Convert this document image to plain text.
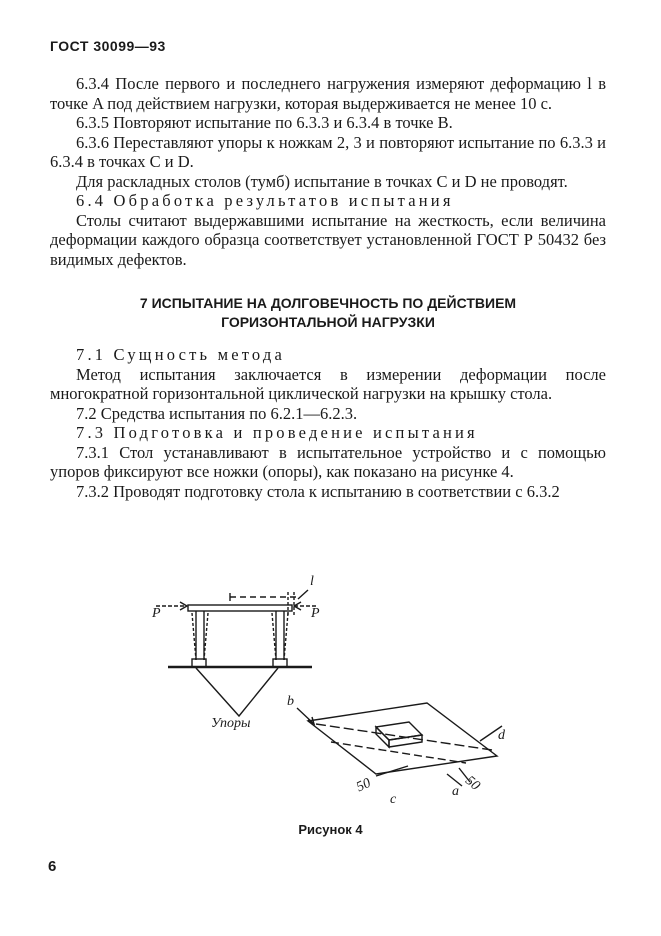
ГОСТ 30099—93

6.3.4 После первого и последнего нагружения измеряют деформацию l в точке A под действием нагрузки, которая выдерживается не менее 10 с.

6.3.5 Повторяют испытание по 6.3.3 и 6.3.4 в точке B.

6.3.6 Переставляют упоры к ножкам 2, 3 и повторяют испытание по 6.3.3 и 6.3.4 в точках C и D.

Для раскладных столов (тумб) испытание в точках C и D не проводят.

6.4 Обработка результатов испытания

Столы считают выдержавшими испытание на жесткость, если величина деформации каждого образца соответствует установленной ГОСТ Р 50432 без видимых дефектов.

7 ИСПЫТАНИЕ НА ДОЛГОВЕЧНОСТЬ ПО ДЕЙСТВИЕМ
ГОРИЗОНТАЛЬНОЙ НАГРУЗКИ

7.1 Сущность метода

Метод испытания заключается в измерении деформации после многократной горизонтальной циклической нагрузки на крышку стола.

7.2 Средства испытания по 6.2.1—6.2.3.

7.3 Подготовка и проведение испытания

7.3.1 Стол устанавливают в испытательное устройство и с помощью упоров фиксируют все ножки (опоры), как показано на рисунке 4.

7.3.2 Проводят подготовку стола к испытанию в соответствии с 6.3.2

P	P
l
Упоры
b
d
50
c
a 50
Рисунок 4
6
